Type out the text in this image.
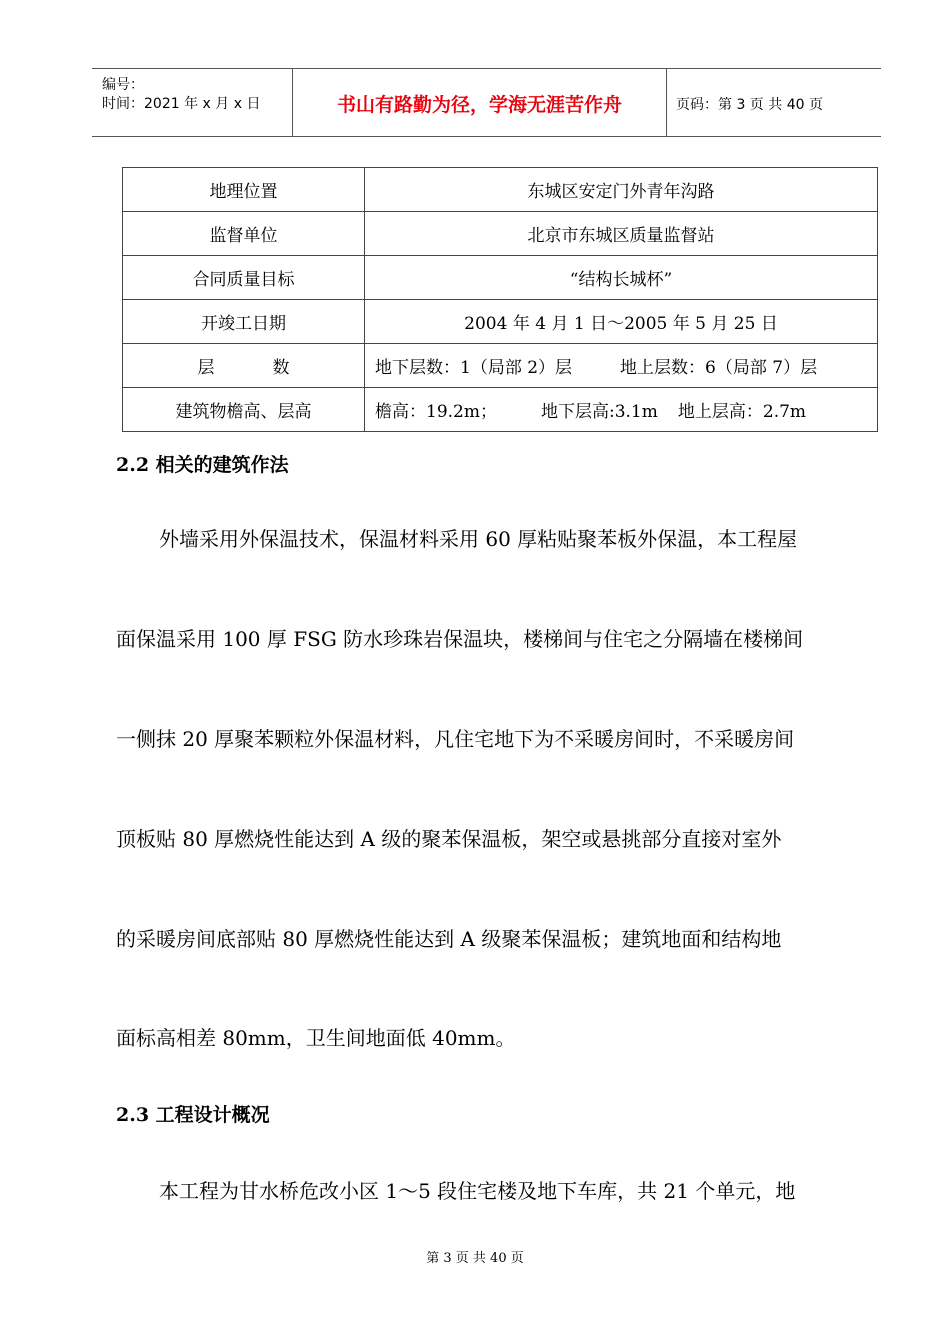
编号：
时间：2021 年 x 月 x 日	书山有路勤为径，学海无涯苦作舟	页码：第 3 页 共 40 页
地理位置	东城区安定门外青年沟路
监督单位	北京市东城区质量监督站
合同质量目标	“结构长城杯”
开竣工日期	2004 年 4 月 1 日～2005 年 5 月 25 日
层 数	地下层数：1（局部 2）层 地上层数：6（局部 7）层
建筑物檐高、层高	檐高：19.2m； 地下层高:3.1m 地上层高：2.7m
2.2 相关的建筑作法
外墙采用外保温技术，保温材料采用 60 厚粘贴聚苯板外保温，本工程屋
面保温采用 100 厚 FSG 防水珍珠岩保温块，楼梯间与住宅之分隔墙在楼梯间
一侧抹 20 厚聚苯颗粒外保温材料，凡住宅地下为不采暖房间时，不采暖房间
顶板贴 80 厚燃烧性能达到 A 级的聚苯保温板，架空或悬挑部分直接对室外
的采暖房间底部贴 80 厚燃烧性能达到 A 级聚苯保温板；建筑地面和结构地
面标高相差 80mm，卫生间地面低 40mm。
2.3 工程设计概况
本工程为甘水桥危改小区 1～5 段住宅楼及地下车库，共 21 个单元，地
第 3 页 共 40 页
